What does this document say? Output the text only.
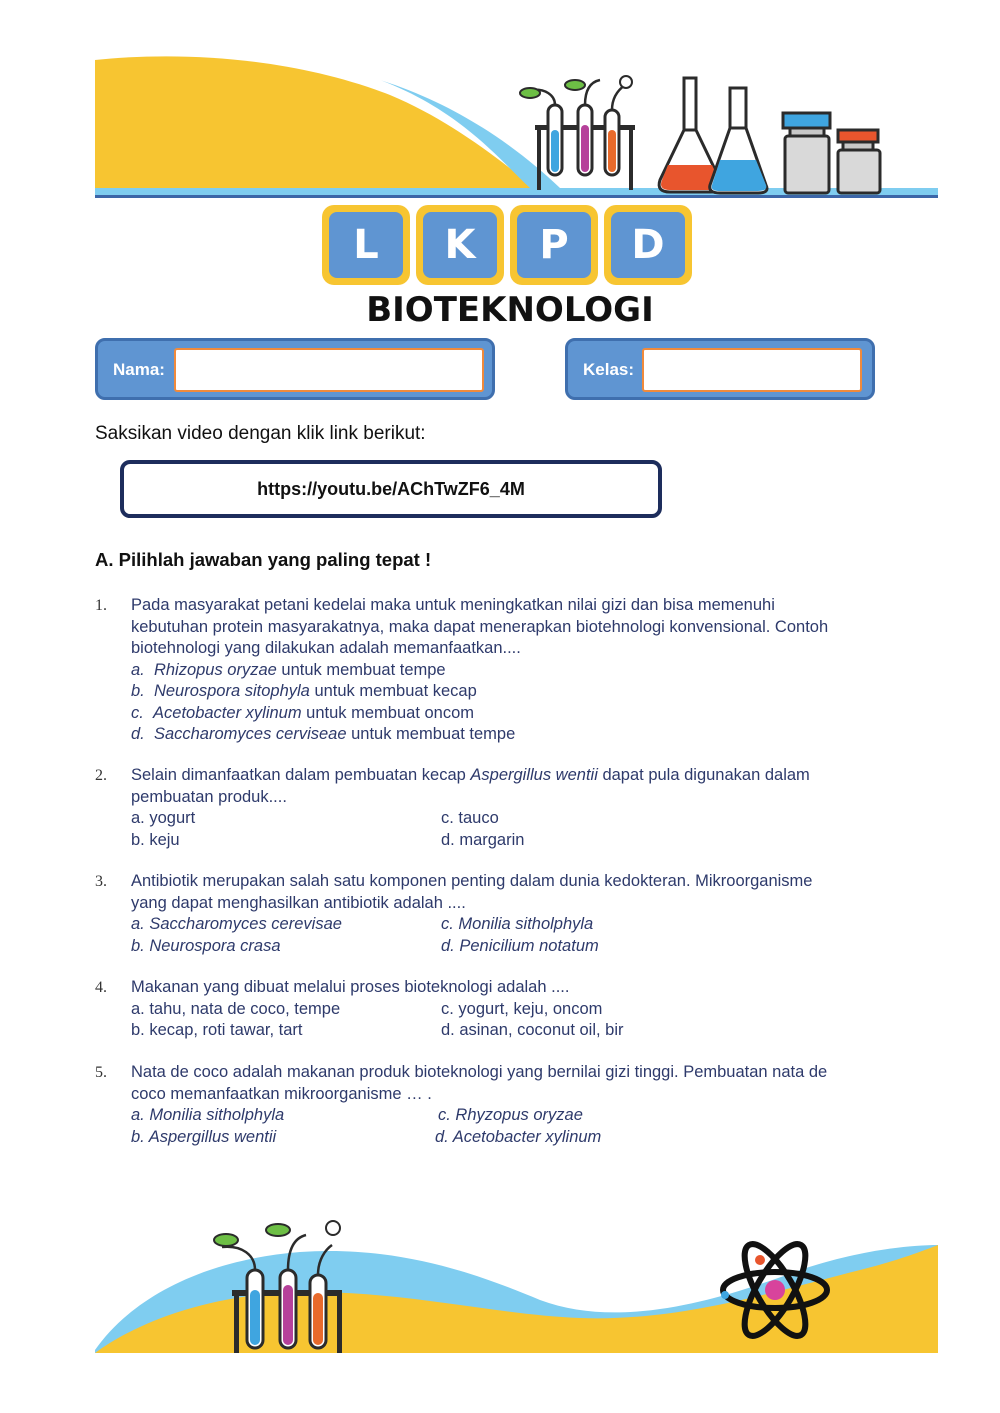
L	K	P	D
BIOTEKNOLOGI
Nama:	Kelas:
Saksikan video dengan klik link berikut:
https://youtu.be/AChTwZF6_4M
A. Pilihlah jawaban yang paling tepat !
1. Pada masyarakat petani kedelai maka untuk meningkatkan nilai gizi dan bisa memenuhi
kebutuhan protein masyarakatnya, maka dapat menerapkan biotehnologi konvensional. Contoh
biotehnologi yang dilakukan adalah memanfaatkan....
a. Rhizopus oryzae untuk membuat tempe
b. Neurospora sitophyla untuk membuat kecap
c. Acetobacter xylinum untuk membuat oncom
d. Saccharomyces cerviseae untuk membuat tempe
2. Selain dimanfaatkan dalam pembuatan kecap Aspergillus wentii dapat pula digunakan dalam
pembuatan produk....
a. yogurt	c. tauco
b. keju	d. margarin
3. Antibiotik merupakan salah satu komponen penting dalam dunia kedokteran. Mikroorganisme
yang dapat menghasilkan antibiotik adalah ....
a. Saccharomyces cerevisae	c. Monilia sitholphyla
b. Neurospora crasa	d. Penicilium notatum
4. Makanan yang dibuat melalui proses bioteknologi adalah ....
a. tahu, nata de coco, tempe	c. yogurt, keju, oncom
b. kecap, roti tawar, tart	d. asinan, coconut oil, bir
5. Nata de coco adalah makanan produk bioteknologi yang bernilai gizi tinggi. Pembuatan nata de
coco memanfaatkan mikroorganisme … .
a. Monilia sitholphyla	c. Rhyzopus oryzae
b. Aspergillus wentii	d. Acetobacter xylinum
